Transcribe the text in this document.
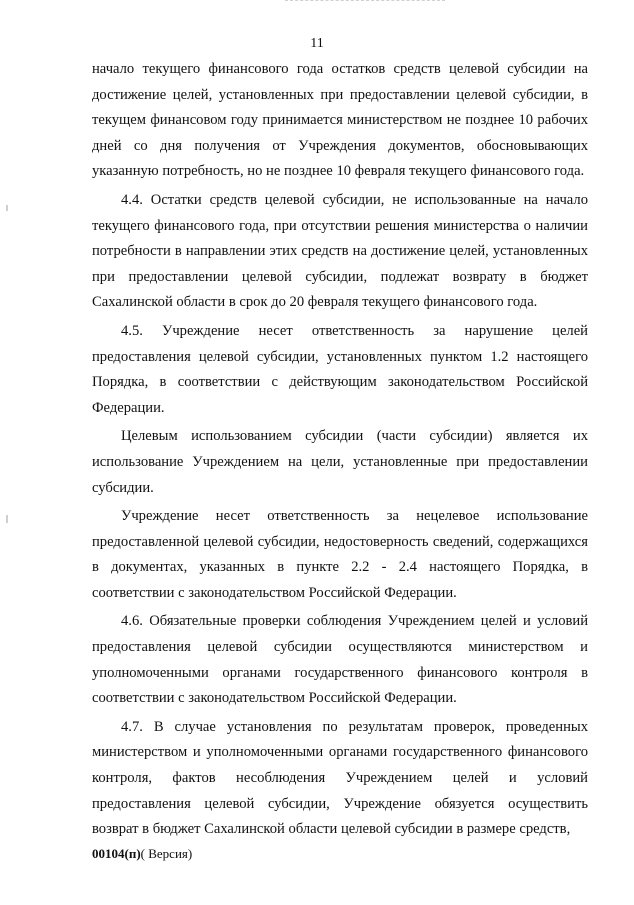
11

начало текущего финансового года остатков средств целевой субсидии на достижение целей, установленных при предоставлении целевой субсидии, в текущем финансовом году принимается министерством не позднее 10 рабочих дней со дня получения от Учреждения документов, обосновывающих указанную потребность, но не позднее 10 февраля текущего финансового года.

4.4. Остатки средств целевой субсидии, не использованные на начало текущего финансового года, при отсутствии решения министерства о наличии потребности в направлении этих средств на достижение целей, установленных при предоставлении целевой субсидии, подлежат возврату в бюджет Сахалинской области в срок до 20 февраля текущего финансового года.

4.5. Учреждение несет ответственность за нарушение целей предоставления целевой субсидии, установленных пунктом 1.2 настоящего Порядка, в соответствии с действующим законодательством Российской Федерации.

Целевым использованием субсидии (части субсидии) является их использование Учреждением на цели, установленные при предоставлении субсидии.

Учреждение несет ответственность за нецелевое использование предоставленной целевой субсидии, недостоверность сведений, содержащихся в документах, указанных в пункте 2.2 - 2.4 настоящего Порядка, в соответствии с законодательством Российской Федерации.

4.6. Обязательные проверки соблюдения Учреждением целей и условий предоставления целевой субсидии осуществляются министерством и уполномоченными органами государственного финансового контроля в соответствии с законодательством Российской Федерации.

4.7. В случае установления по результатам проверок, проведенных министерством и уполномоченными органами государственного финансового контроля, фактов несоблюдения Учреждением целей и условий предоставления целевой субсидии, Учреждение обязуется осуществить возврат в бюджет Сахалинской области целевой субсидии в размере средств,

00104(п)( Версия)
